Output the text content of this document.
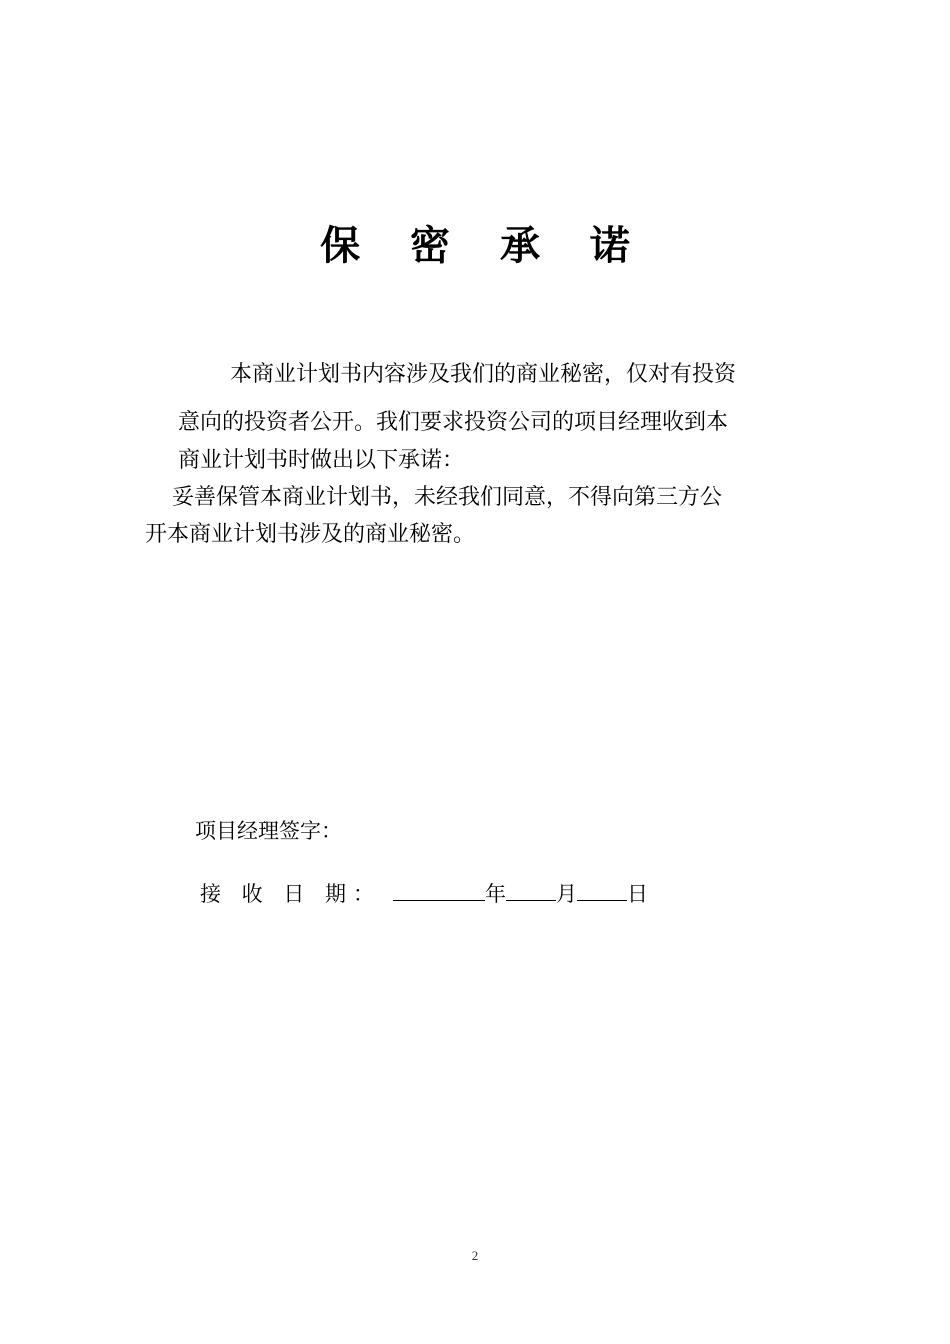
保 密 承 诺
本商业计划书内容涉及我们的商业秘密，仅对有投资
意向的投资者公开。我们要求投资公司的项目经理收到本
商业计划书时做出以下承诺：
妥善保管本商业计划书，未经我们同意，不得向第三方公
开本商业计划书涉及的商业秘密。
项目经理签字：
接 收 日 期：	年 月 日
2
